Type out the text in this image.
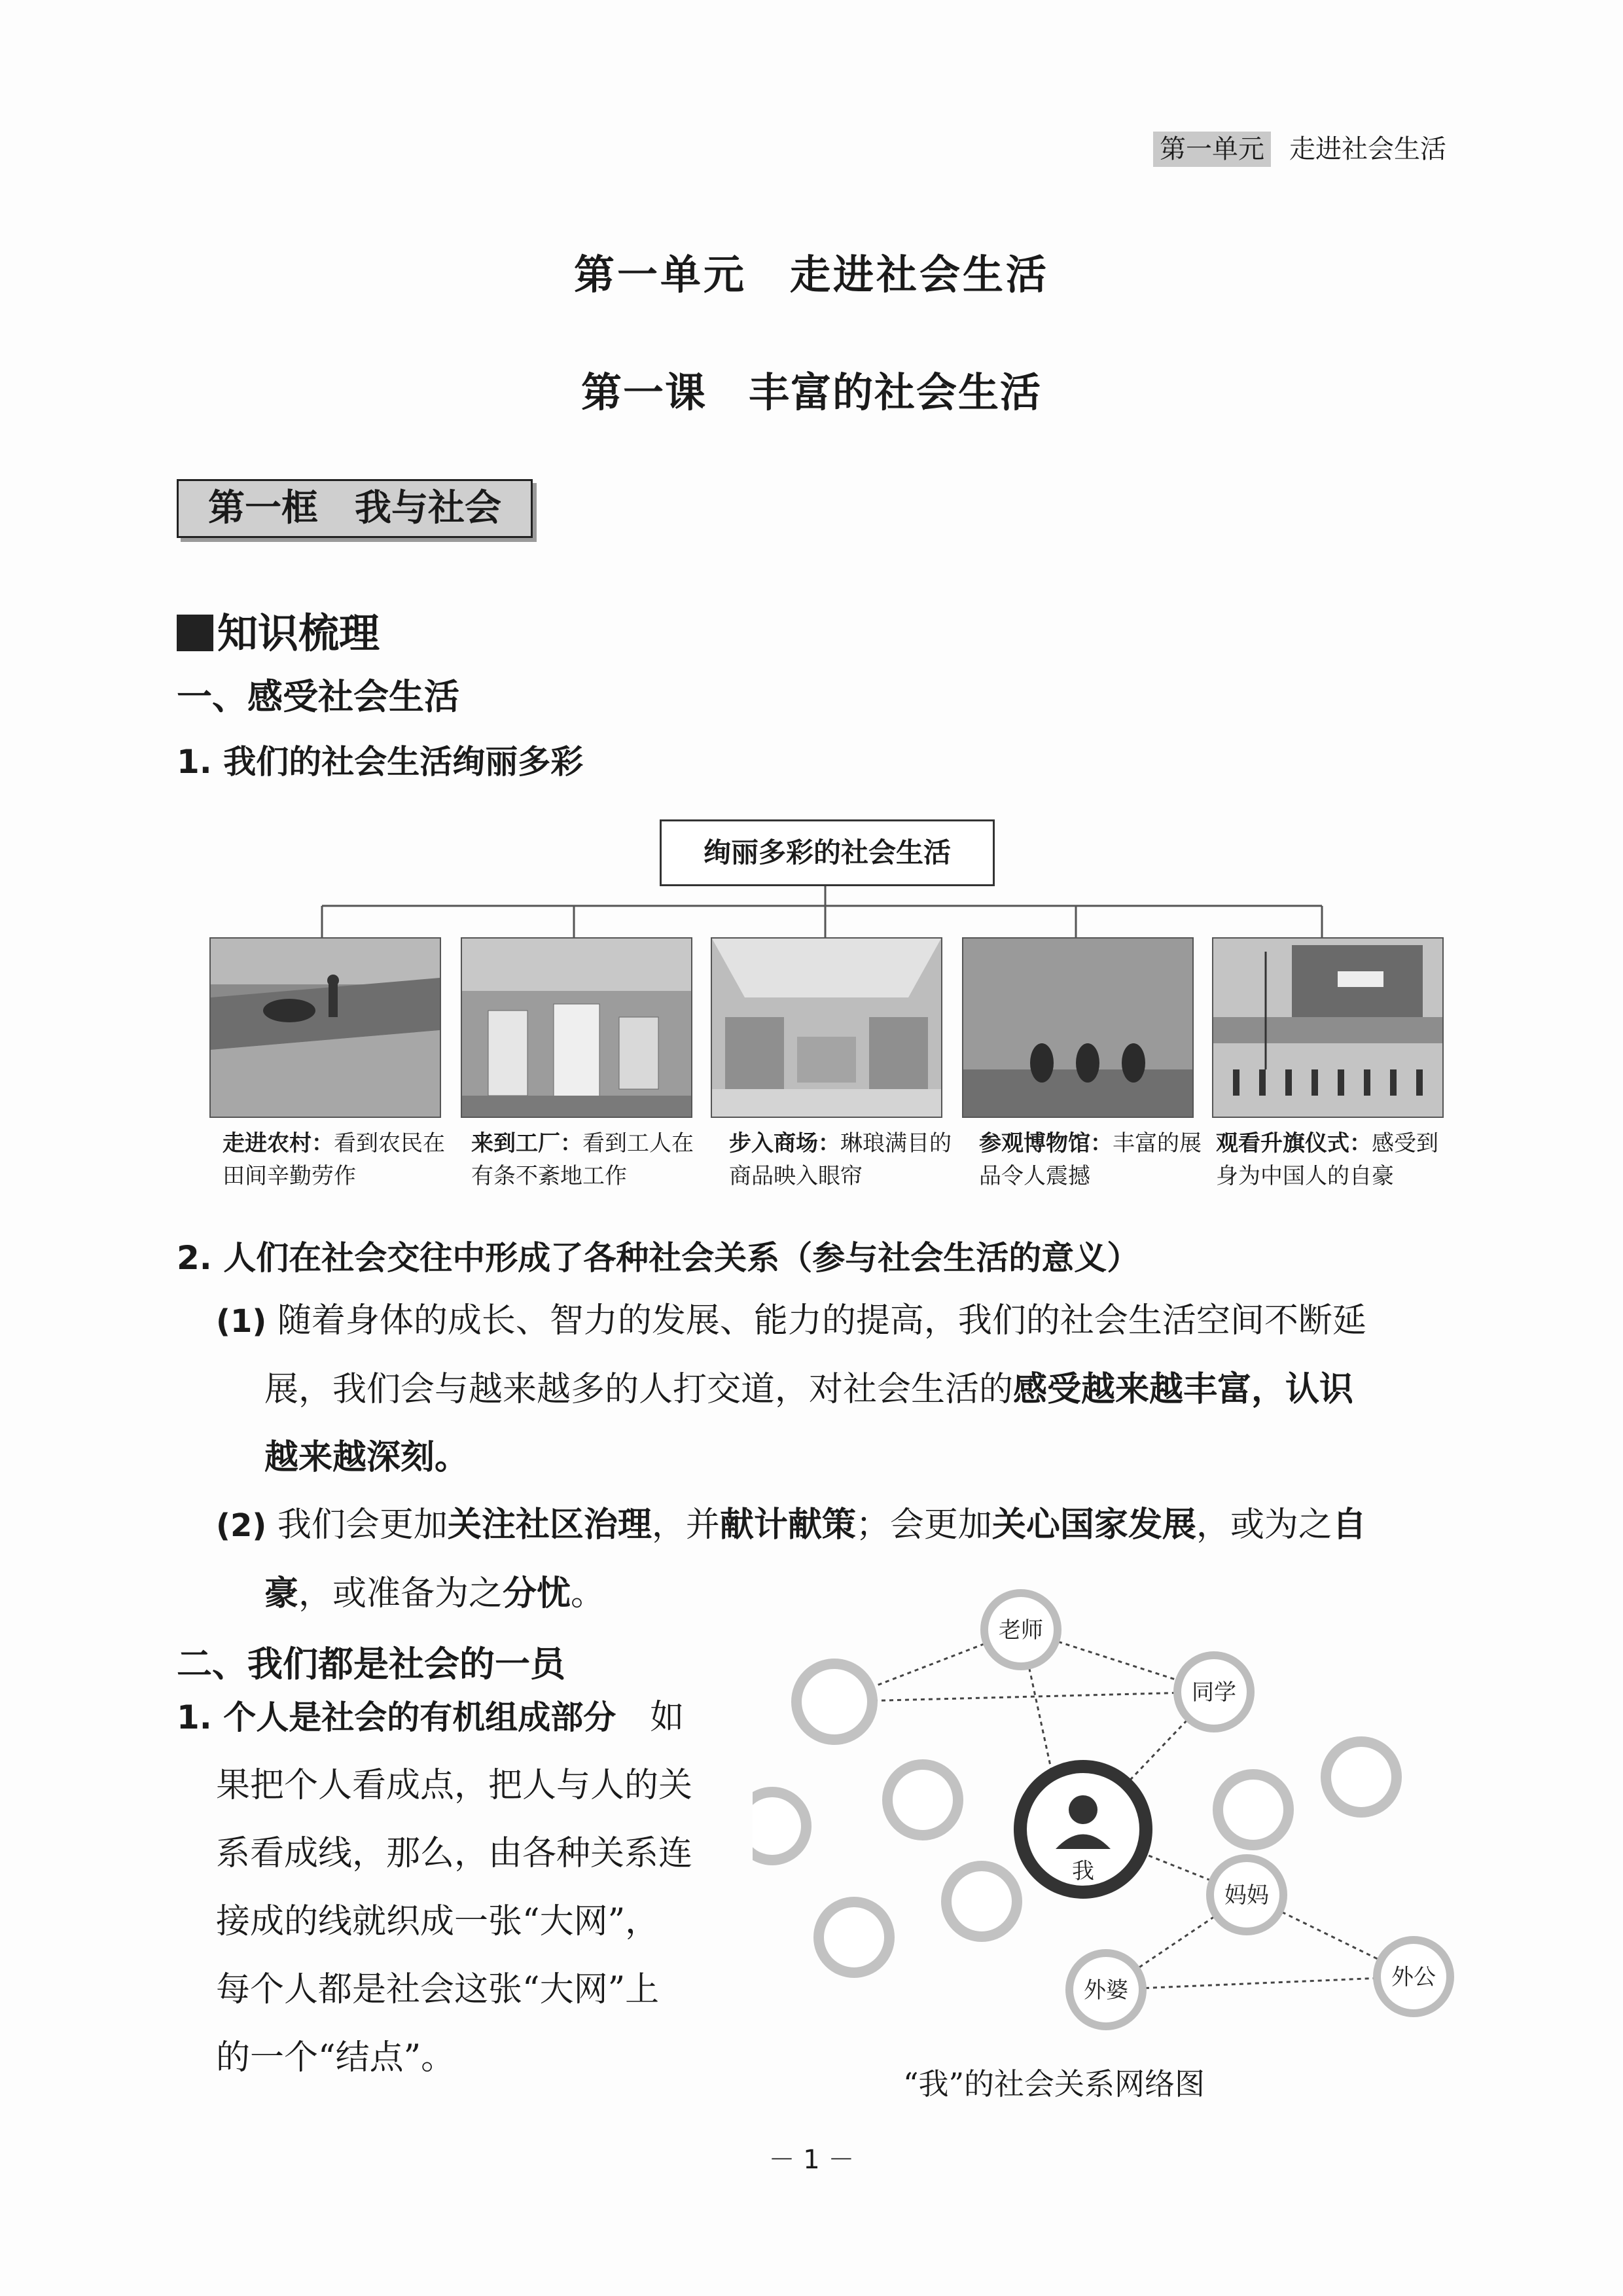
第一单元 走进社会生活
第一单元　走进社会生活
第一课　丰富的社会生活
第一框　我与社会
知识梳理
一、感受社会生活
1. 我们的社会生活绚丽多彩
绚丽多彩的社会生活
走进农村：看到农民在田间辛勤劳作
来到工厂：看到工人在有条不紊地工作
步入商场：琳琅满目的商品映入眼帘
参观博物馆：丰富的展品令人震撼
观看升旗仪式：感受到身为中国人的自豪
2. 人们在社会交往中形成了各种社会关系（参与社会生活的意义）
(1) 随着身体的成长、智力的发展、能力的提高，我们的社会生活空间不断延
展，我们会与越来越多的人打交道，对社会生活的感受越来越丰富，认识
越来越深刻。
(2) 我们会更加关注社区治理，并献计献策；会更加关心国家发展，或为之自
豪，或准备为之分忧。
二、我们都是社会的一员
1. 个人是社会的有机组成部分　如
果把个人看成点，把人与人的关
系看成线，那么，由各种关系连
接成的线就织成一张“大网”，
每个人都是社会这张“大网”上
的一个“结点”。
我
老师
同学
妈妈
外婆	外公
“我”的社会关系网络图
－ 1 －
